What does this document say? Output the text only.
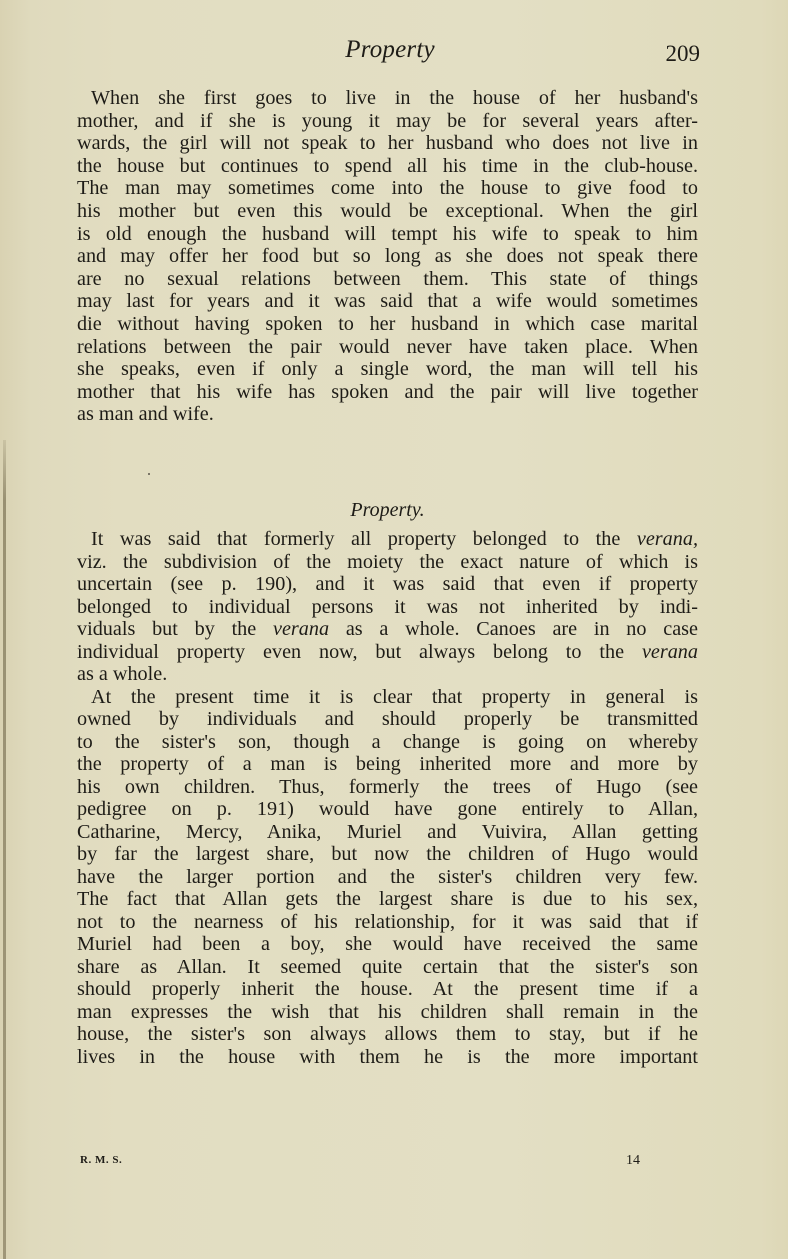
Property	209
When she first goes to live in the house of her husband's
mother, and if she is young it may be for several years after-
wards, the girl will not speak to her husband who does not live in
the house but continues to spend all his time in the club-house.
The man may sometimes come into the house to give food to
his mother but even this would be exceptional. When the girl
is old enough the husband will tempt his wife to speak to him
and may offer her food but so long as she does not speak there
are no sexual relations between them. This state of things
may last for years and it was said that a wife would sometimes
die without having spoken to her husband in which case marital
relations between the pair would never have taken place. When
she speaks, even if only a single word, the man will tell his
mother that his wife has spoken and the pair will live together
as man and wife.
Property.
It was said that formerly all property belonged to the verana,
viz. the subdivision of the moiety the exact nature of which is
uncertain (see p. 190), and it was said that even if property
belonged to individual persons it was not inherited by indi-
viduals but by the verana as a whole. Canoes are in no case
individual property even now, but always belong to the verana
as a whole.
At the present time it is clear that property in general is
owned by individuals and should properly be transmitted
to the sister's son, though a change is going on whereby
the property of a man is being inherited more and more by
his own children. Thus, formerly the trees of Hugo (see
pedigree on p. 191) would have gone entirely to Allan,
Catharine, Mercy, Anika, Muriel and Vuivira, Allan getting
by far the largest share, but now the children of Hugo would
have the larger portion and the sister's children very few.
The fact that Allan gets the largest share is due to his sex,
not to the nearness of his relationship, for it was said that if
Muriel had been a boy, she would have received the same
share as Allan. It seemed quite certain that the sister's son
should properly inherit the house. At the present time if a
man expresses the wish that his children shall remain in the
house, the sister's son always allows them to stay, but if he
lives in the house with them he is the more important
R. M. S.	14
